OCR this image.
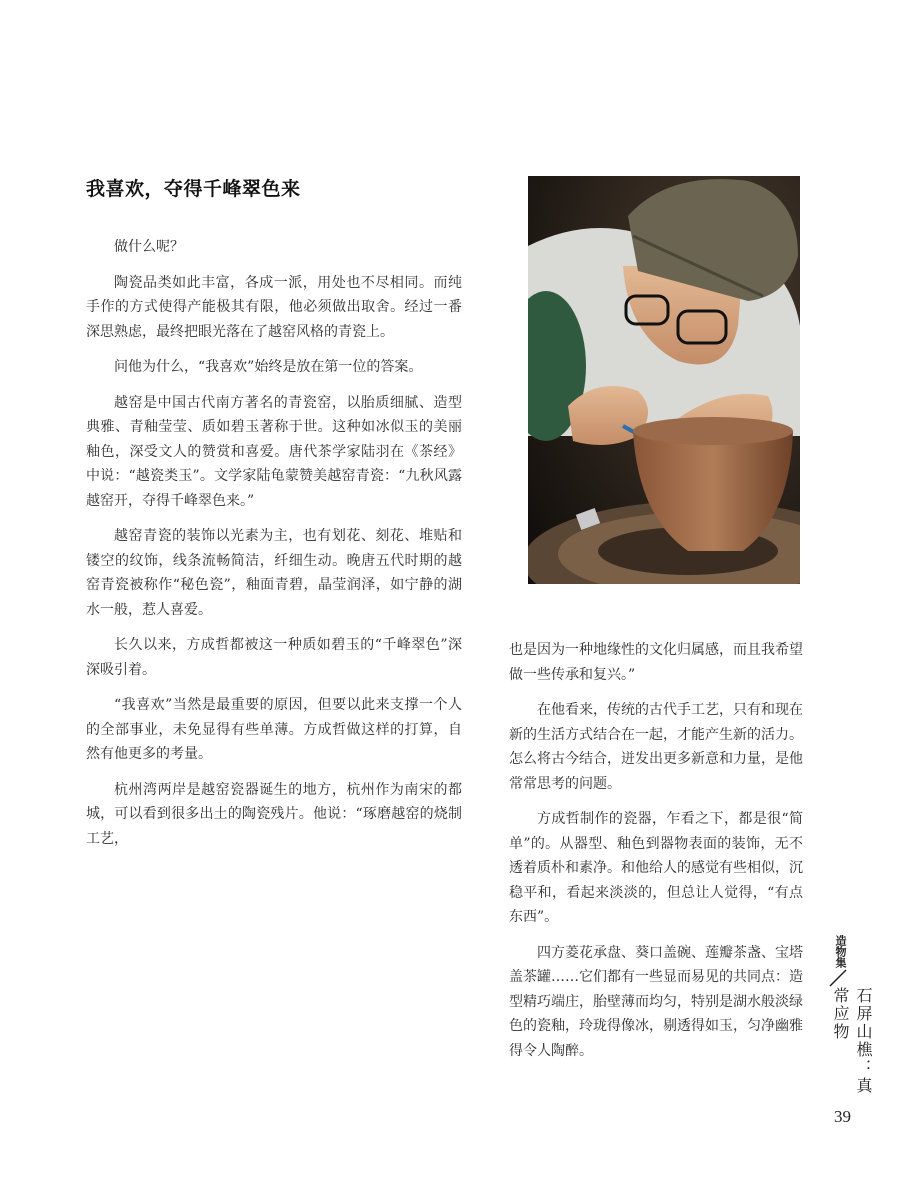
我喜欢，夺得千峰翠色来

做什么呢？

陶瓷品类如此丰富，各成一派，用处也不尽相同。而纯手作的方式使得产能极其有限，他必须做出取舍。经过一番深思熟虑，最终把眼光落在了越窑风格的青瓷上。

问他为什么，“我喜欢”始终是放在第一位的答案。

越窑是中国古代南方著名的青瓷窑，以胎质细腻、造型典雅、青釉莹莹、质如碧玉著称于世。这种如冰似玉的美丽釉色，深受文人的赞赏和喜爱。唐代茶学家陆羽在《茶经》中说：“越瓷类玉”。文学家陆龟蒙赞美越窑青瓷：“九秋风露越窑开，夺得千峰翠色来。”

越窑青瓷的装饰以光素为主，也有划花、刻花、堆贴和镂空的纹饰，线条流畅简洁，纤细生动。晚唐五代时期的越窑青瓷被称作“秘色瓷”，釉面青碧，晶莹润泽，如宁静的湖水一般，惹人喜爱。

长久以来，方成哲都被这一种质如碧玉的“千峰翠色”深深吸引着。

“我喜欢”当然是最重要的原因，但要以此来支撑一个人的全部事业，未免显得有些单薄。方成哲做这样的打算，自然有他更多的考量。

杭州湾两岸是越窑瓷器诞生的地方，杭州作为南宋的都城，可以看到很多出土的陶瓷残片。他说：“琢磨越窑的烧制工艺，

也是因为一种地缘性的文化归属感，而且我希望做一些传承和复兴。”

在他看来，传统的古代手工艺，只有和现在新的生活方式结合在一起，才能产生新的活力。怎么将古今结合，迸发出更多新意和力量，是他常常思考的问题。

方成哲制作的瓷器，乍看之下，都是很“简单”的。从器型、釉色到器物表面的装饰，无不透着质朴和素净。和他给人的感觉有些相似，沉稳平和，看起来淡淡的，但总让人觉得，“有点东西”。

四方菱花承盘、葵口盖碗、莲瓣茶盏、宝塔盖茶罐……它们都有一些显而易见的共同点：造型精巧端庄，胎壁薄而均匀，特别是湖水般淡绿色的瓷釉，玲珑得像冰，剔透得如玉，匀净幽雅得令人陶醉。

造物集
石屏山樵：真常应物
39
